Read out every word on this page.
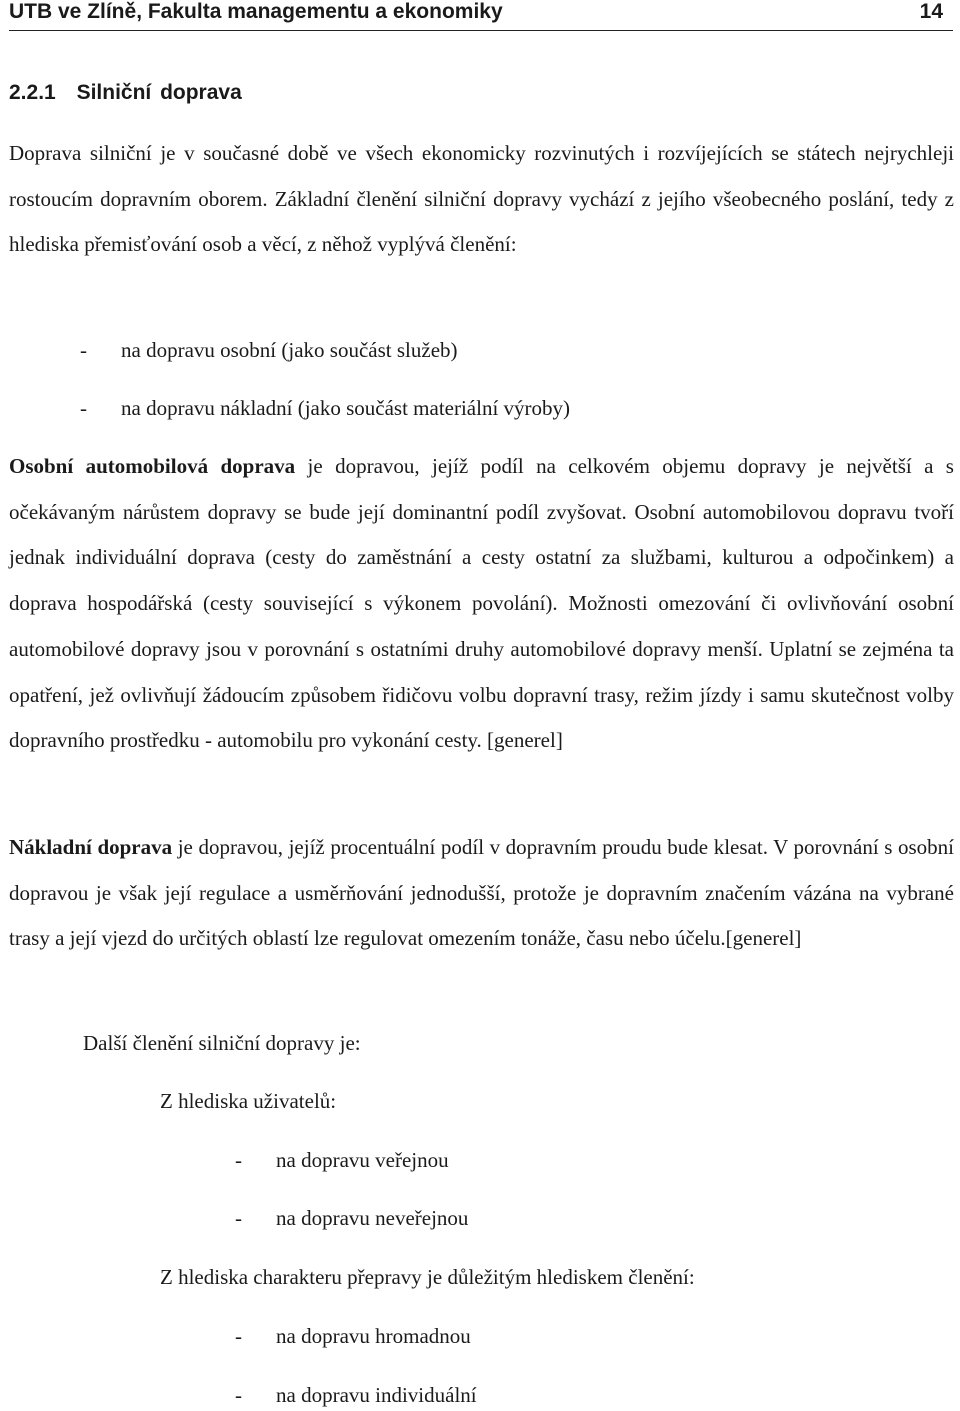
UTB ve Zlíně, Fakulta managementu a ekonomiky	14
2.2.1 Silniční doprava

Doprava silniční je v současné době ve všech ekonomicky rozvinutých i rozvíjejících se státech nejrychleji rostoucím dopravním oborem. Základní členění silniční dopravy vychází z jejího všeobecného poslání, tedy z hlediska přemisťování osob a věcí, z něhož vyplývá členění:

- na dopravu osobní (jako součást služeb)

- na dopravu nákladní (jako součást materiální výroby)

Osobní automobilová doprava je dopravou, jejíž podíl na celkovém objemu dopravy je největší a s očekávaným nárůstem dopravy se bude její dominantní podíl zvyšovat. Osobní automobilovou dopravu tvoří jednak individuální doprava (cesty do zaměstnání a cesty ostatní za službami, kulturou a odpočinkem) a doprava hospodářská (cesty související s výkonem povolání). Možnosti omezování či ovlivňování osobní automobilové dopravy jsou v porovnání s ostatními druhy automobilové dopravy menší. Uplatní se zejména ta opatření, jež ovlivňují žádoucím způsobem řidičovu volbu dopravní trasy, režim jízdy i samu skutečnost volby dopravního prostředku - automobilu pro vykonání cesty. [generel]

Nákladní doprava je dopravou, jejíž procentuální podíl v dopravním proudu bude klesat. V porovnání s osobní dopravou je však její regulace a usměrňování jednodušší, protože je dopravním značením vázána na vybrané trasy a její vjezd do určitých oblastí lze regulovat omezením tonáže, času nebo účelu.[generel]

Další členění silniční dopravy je:

Z hlediska uživatelů:

- na dopravu veřejnou

- na dopravu neveřejnou

Z hlediska charakteru přepravy je důležitým hlediskem členění:

- na dopravu hromadnou

- na dopravu individuální
